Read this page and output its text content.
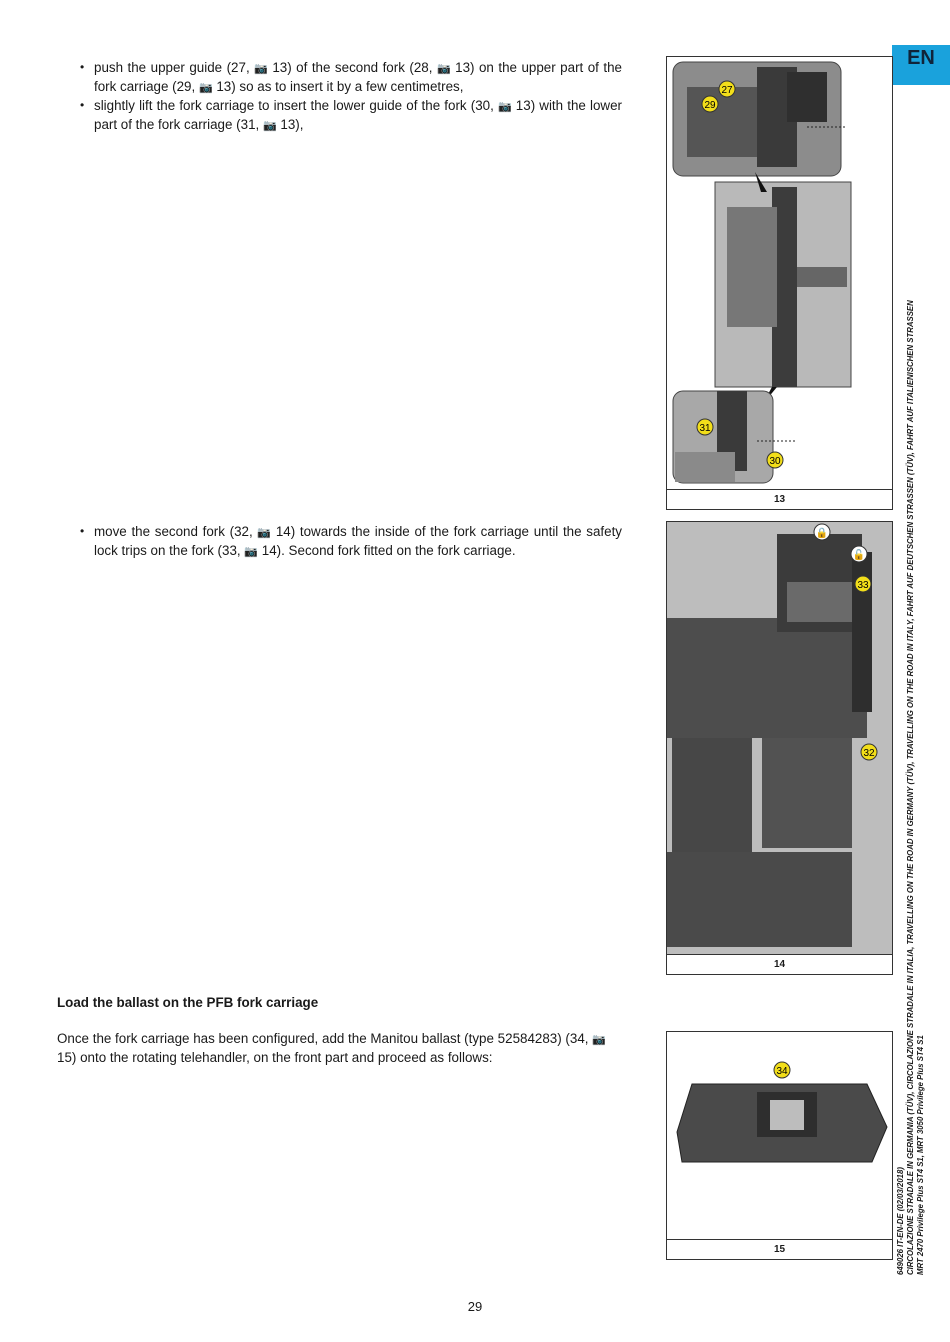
EN
• push the upper guide (27, 📷 13) of the second fork (28, 📷 13) on the upper part of the fork carriage (29, 📷 13) so as to insert it by a few centimetres,
• slightly lift the fork carriage to insert the lower guide of the fork (30, 📷 13) with the lower part of the fork carriage (31, 📷 13),
• move the second fork (32, 📷 14) towards the inside of the fork carriage until the safety lock trips on the fork (33, 📷 14). Second fork fitted on the fork carriage.
Load the ballast on the PFB fork carriage

Once the fork carriage has been configured, add the Manitou ballast (type 52584283) (34, 📷 15) onto the rotating telehandler, on the front part and proceed as follows:

27
29
31
30
13
🔒
🔓
33
32
14
34
15	649026 IT-EN-DE (02/03/2018) CIRCOLAZIONE STRADALE IN GERMANIA (TÜV), CIRCOLAZIONE STRADALE IN ITALIA, TRAVELLING ON THE ROAD IN GERMANY (TÜV), TRAVELLING ON THE ROAD IN ITALY, FAHRT AUF DEUTSCHEN STRASSEN (TÜV), FAHRT AUF ITALIENISCHEN STRASSEN MRT 2470 Privilege Plus ST4 S1, MRT 3050 Privilege Plus ST4 S1
29
